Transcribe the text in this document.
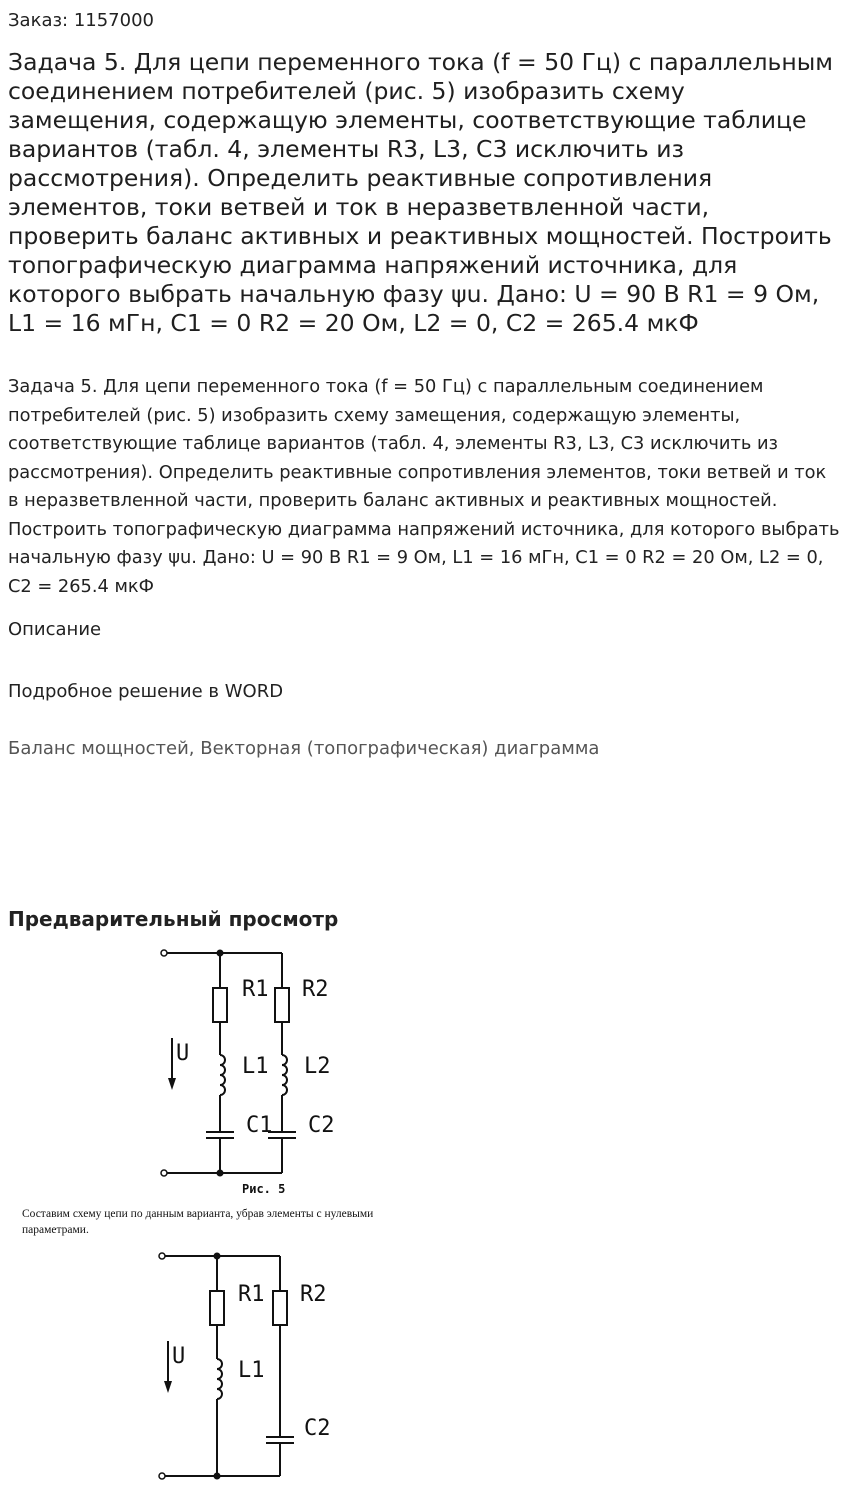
Заказ: 1157000
Задача 5. Для цепи переменного тока (f = 50 Гц) с параллельным соединением потребителей (рис. 5) изобразить схему замещения, содержащую элементы, соответствующие таблице вариантов (табл. 4, элементы R3, L3, C3 исключить из рассмотрения). Определить реактивные сопротивления элементов, токи ветвей и ток в неразветвленной части, проверить баланс активных и реактивных мощностей. Построить топографическую диаграмма напряжений источника, для которого выбрать начальную фазу ψu. Дано: U = 90 В R1 = 9 Ом, L1 = 16 мГн, C1 = 0 R2 = 20 Ом, L2 = 0, C2 = 265.4 мкФ

Задача 5. Для цепи переменного тока (f = 50 Гц) с параллельным соединением потребителей (рис. 5) изобразить схему замещения, содержащую элементы, соответствующие таблице вариантов (табл. 4, элементы R3, L3, C3 исключить из рассмотрения). Определить реактивные сопротивления элементов, токи ветвей и ток в неразветвленной части, проверить баланс активных и реактивных мощностей. Построить топографическую диаграмма напряжений источника, для которого выбрать начальную фазу ψu. Дано: U = 90 В R1 = 9 Ом, L1 = 16 мГн, C1 = 0 R2 = 20 Ом, L2 = 0, C2 = 265.4 мкФ

Описание
Подробное решение в WORD
Баланс мощностей, Векторная (топографическая) диаграмма
Предварительный просмотр
R1 R2
L1 L2
C1 C2
U
Рис. 5
Составим схему цепи по данным варианта, убрав элементы с нулевыми параметрами.
R1 R2
L1
C2
U
